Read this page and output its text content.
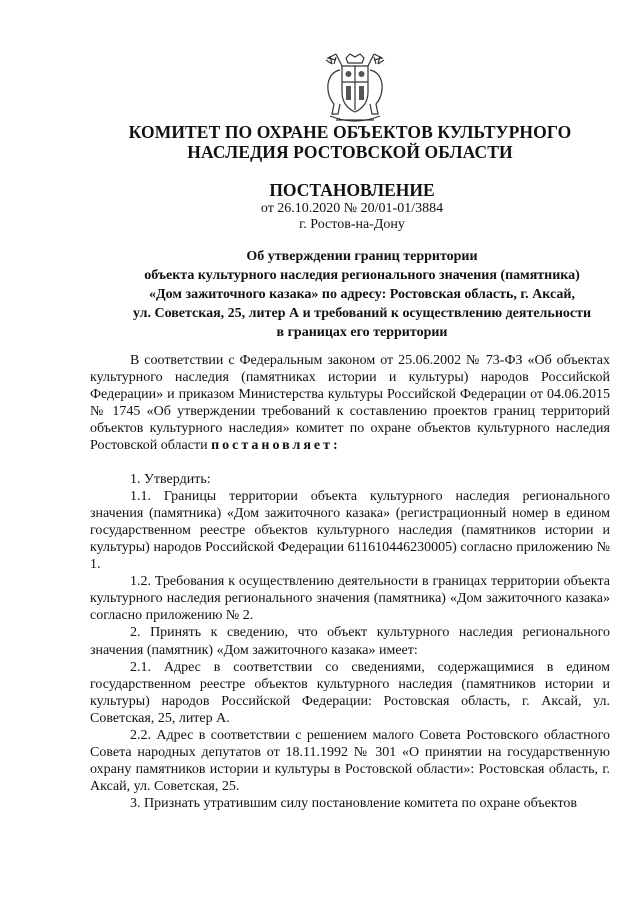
КОМИТЕТ ПО ОХРАНЕ ОБЪЕКТОВ КУЛЬТУРНОГО
НАСЛЕДИЯ РОСТОВСКОЙ ОБЛАСТИ
ПОСТАНОВЛЕНИЕ
от 26.10.2020 № 20/01-01/3884
г. Ростов-на-Дону
Об утверждении границ территории
объекта культурного наследия регионального значения (памятника)
«Дом зажиточного казака» по адресу: Ростовская область, г. Аксай,
ул. Советская, 25, литер А и требований к осуществлению деятельности
в границах его территории

В соответствии с Федеральным законом от 25.06.2002 № 73-ФЗ «Об объектах культурного наследия (памятниках истории и культуры) народов Российской Федерации» и приказом Министерства культуры Российской Федерации от 04.06.2015 № 1745 «Об утверждении требований к составлению проектов границ территорий объектов культурного наследия» комитет по охране объектов культурного наследия Ростовской области постановляет:

1. Утвердить:

1.1. Границы территории объекта культурного наследия регионального значения (памятника) «Дом зажиточного казака» (регистрационный номер в едином государственном реестре объектов культурного наследия (памятников истории и культуры) народов Российской Федерации 611610446230005) согласно приложению № 1.

1.2. Требования к осуществлению деятельности в границах территории объекта культурного наследия регионального значения (памятника) «Дом зажиточного казака» согласно приложению № 2.

2. Принять к сведению, что объект культурного наследия регионального значения (памятник) «Дом зажиточного казака» имеет:

2.1. Адрес в соответствии со сведениями, содержащимися в едином государственном реестре объектов культурного наследия (памятников истории и культуры) народов Российской Федерации: Ростовская область, г. Аксай, ул. Советская, 25, литер А.

2.2. Адрес в соответствии с решением малого Совета Ростовского областного Совета народных депутатов от 18.11.1992 № 301 «О принятии на государственную охрану памятников истории и культуры в Ростовской области»: Ростовская область, г. Аксай, ул. Советская, 25.

3. Признать утратившим силу постановление комитета по охране объектов
